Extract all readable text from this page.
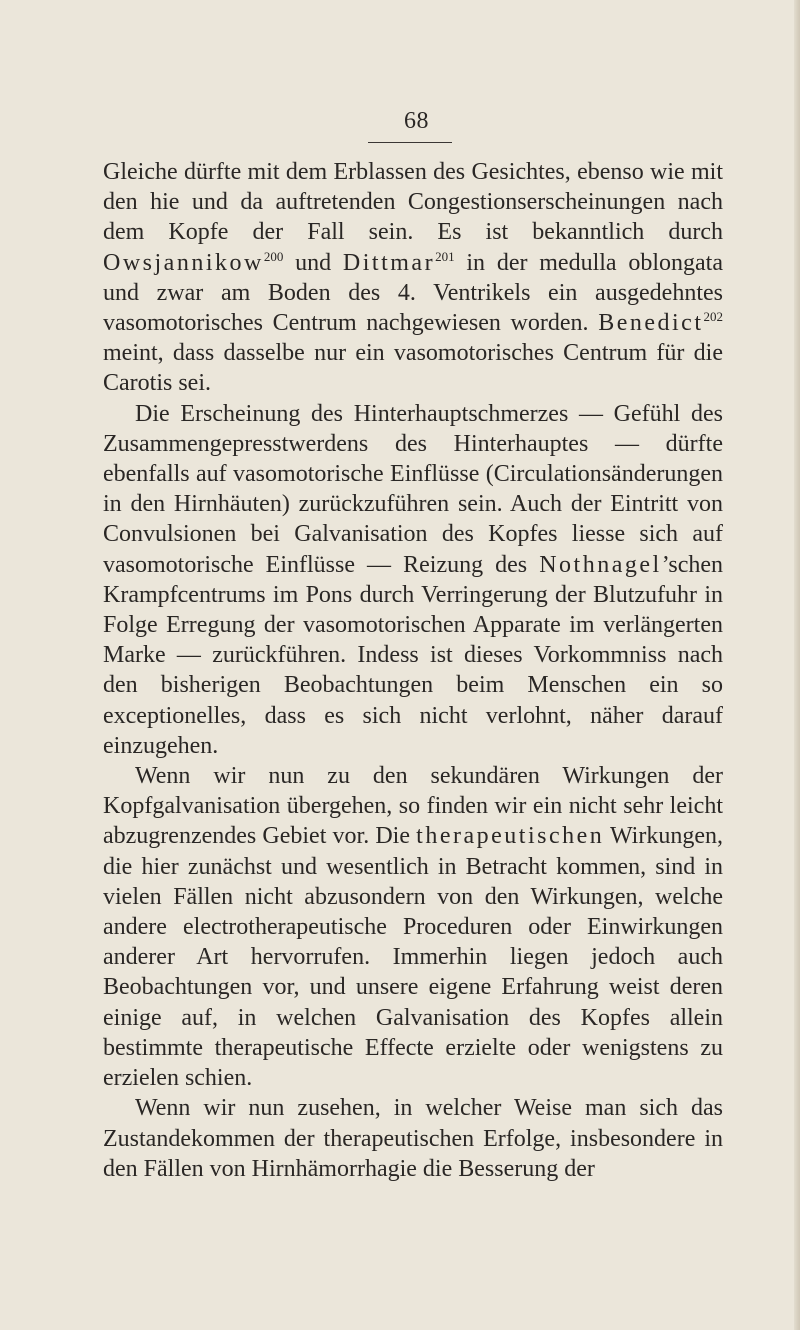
68

Gleiche dürfte mit dem Erblassen des Gesichtes, ebenso wie mit den hie und da auftretenden Congestionserscheinungen nach dem Kopfe der Fall sein. Es ist bekanntlich durch Owsjannikow$^{200}$ und Dittmar$^{201}$ in der medulla oblongata und zwar am Boden des 4. Ventrikels ein ausgedehntes vasomotorisches Centrum nachgewiesen worden. Benedict$^{202}$ meint, dass dasselbe nur ein vasomotorisches Centrum für die Carotis sei.

Die Erscheinung des Hinterhauptschmerzes — Gefühl des Zusammengepresstwerdens des Hinterhauptes — dürfte ebenfalls auf vasomotorische Einflüsse (Circulationsänderungen in den Hirnhäuten) zurückzuführen sein. Auch der Eintritt von Convulsionen bei Galvanisation des Kopfes liesse sich auf vasomotorische Einflüsse — Reizung des Nothnagel’schen Krampfcentrums im Pons durch Verringerung der Blutzufuhr in Folge Erregung der vasomotorischen Apparate im verlängerten Marke — zurückführen. Indess ist dieses Vorkommniss nach den bisherigen Beobachtungen beim Menschen ein so exceptionelles, dass es sich nicht verlohnt, näher darauf einzugehen.

Wenn wir nun zu den sekundären Wirkungen der Kopfgalvanisation übergehen, so finden wir ein nicht sehr leicht abzugrenzendes Gebiet vor. Die therapeutischen Wirkungen, die hier zunächst und wesentlich in Betracht kommen, sind in vielen Fällen nicht abzusondern von den Wirkungen, welche andere electrotherapeutische Proceduren oder Einwirkungen anderer Art hervorrufen. Immerhin liegen jedoch auch Beobachtungen vor, und unsere eigene Erfahrung weist deren einige auf, in welchen Galvanisation des Kopfes allein bestimmte therapeutische Effecte erzielte oder wenigstens zu erzielen schien.

Wenn wir nun zusehen, in welcher Weise man sich das Zustandekommen der therapeutischen Erfolge, insbesondere in den Fällen von Hirnhämorrhagie die Besserung der
